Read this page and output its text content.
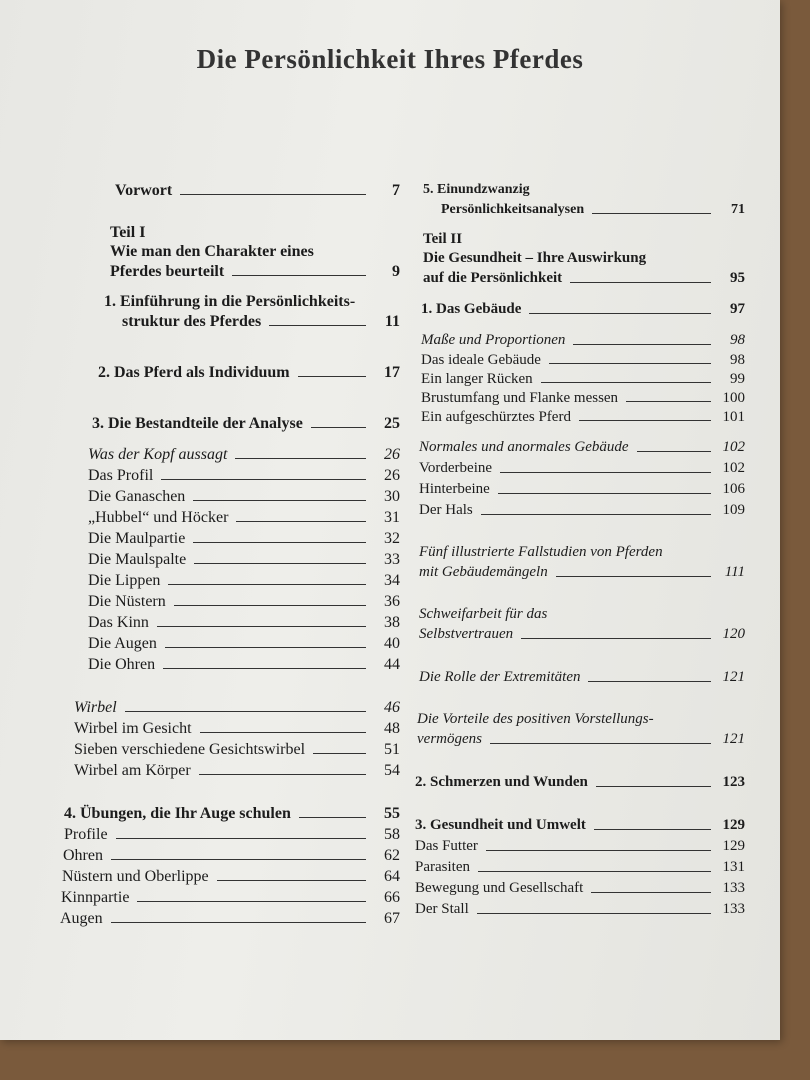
Die Persönlichkeit Ihres Pferdes
Vorwort	7
Teil I
Wie man den Charakter eines
Pferdes beurteilt	9
1. Einführung in die Persönlichkeits-
struktur des Pferdes	11
2. Das Pferd als Individuum	17
3. Die Bestandteile der Analyse	25
Was der Kopf aussagt	26
Das Profil	26
Die Ganaschen	30
„Hubbel“ und Höcker	31
Die Maulpartie	32
Die Maulspalte	33
Die Lippen	34
Die Nüstern	36
Das Kinn	38
Die Augen	40
Die Ohren	44
Wirbel	46
Wirbel im Gesicht	48
Sieben verschiedene Gesichtswirbel	51
Wirbel am Körper	54
4. Übungen, die Ihr Auge schulen	55
Profile	58
Ohren	62
Nüstern und Oberlippe	64
Kinnpartie	66
Augen	67
5. Einundzwanzig
Persönlichkeitsanalysen	71
Teil II
Die Gesundheit – Ihre Auswirkung
auf die Persönlichkeit	95
1. Das Gebäude	97
Maße und Proportionen	98
Das ideale Gebäude	98
Ein langer Rücken	99
Brustumfang und Flanke messen	100
Ein aufgeschürztes Pferd	101
Normales und anormales Gebäude	102
Vorderbeine	102
Hinterbeine	106
Der Hals	109
Fünf illustrierte Fallstudien von Pferden
mit Gebäudemängeln	111
Schweifarbeit für das
Selbstvertrauen	120
Die Rolle der Extremitäten	121
Die Vorteile des positiven Vorstellungs-
vermögens	121
2. Schmerzen und Wunden	123
3. Gesundheit und Umwelt	129
Das Futter	129
Parasiten	131
Bewegung und Gesellschaft	133
Der Stall	133
